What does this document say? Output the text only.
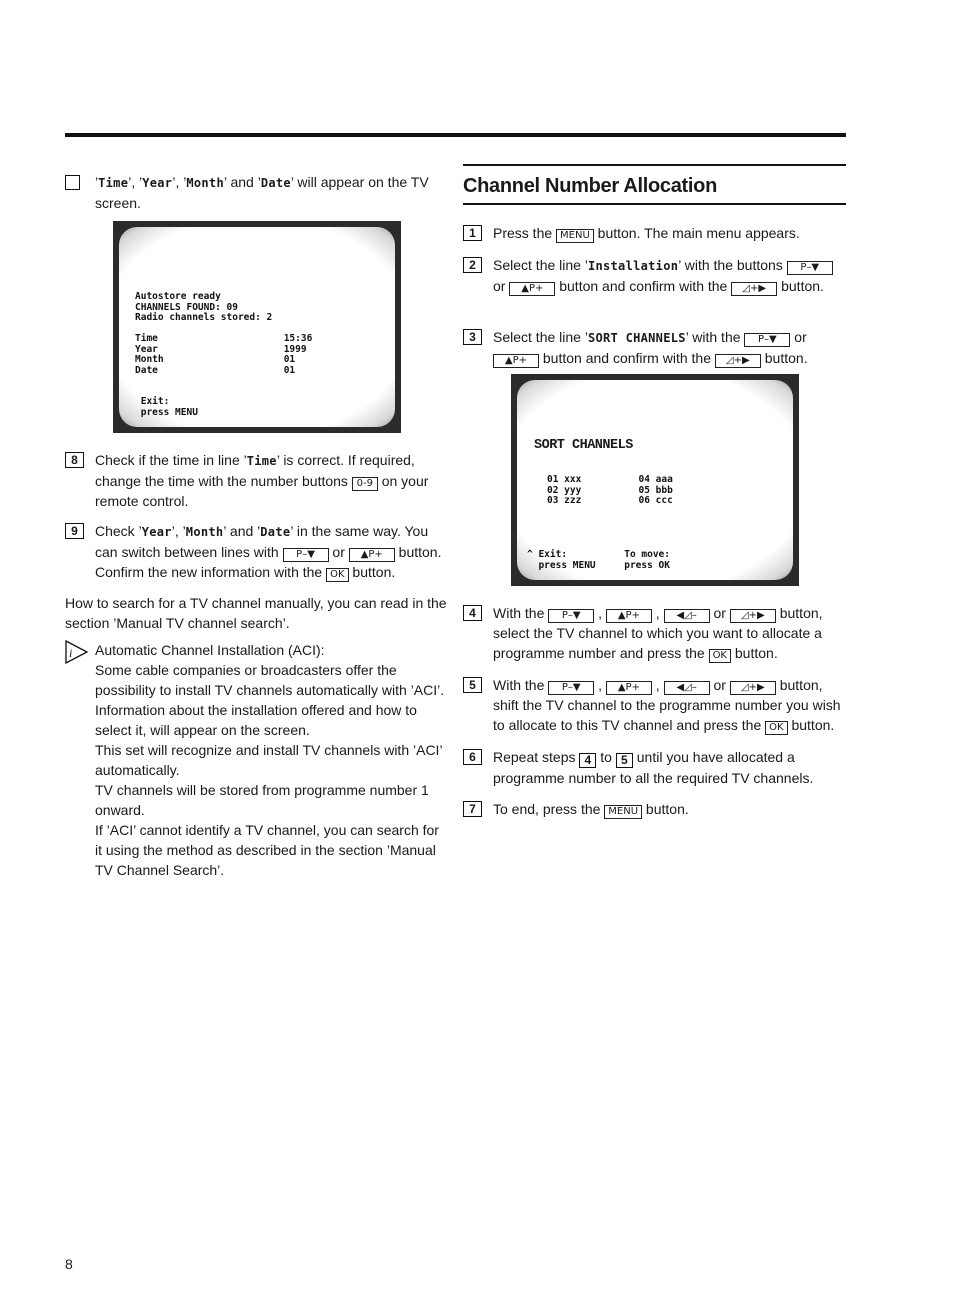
’Time’, ’Year’, ’Month’ and ’Date’ will appear on the TV screen.
Autostore ready
CHANNELS FOUND: 09
Radio channels stored: 2

Time                      15:36
Year                      1999
Month                     01
Date                      01

Exit:
press MENU
8	Check if the time in line ’Time’ is correct. If required, change the time with the number buttons 0-9 on your remote control.
9	Check ’Year’, ’Month’ and ’Date’ in the same way. You can switch between lines with P–▼ or ▲P+ button. Confirm the new information with the OK button.
How to search for a TV channel manually, you can read in the section ’Manual TV channel search’.
i Automatic Channel Installation (ACI):
Some cable companies or broadcasters offer the possibility to install TV channels automatically with ’ACI’. Information about the installation offered and how to select it, will appear on the screen.
This set will recognize and install TV channels with ’ACI’ automatically.
TV channels will be stored from programme number 1 onward.
If ’ACI’ cannot identify a TV channel, you can search for it using the method as described in the section ’Manual TV Channel Search’.
Channel Number Allocation
1	Press the MENU button. The main menu appears.
2	Select the line ’Installation’ with the buttons P–▼ or ▲P+ button and confirm with the ◿+▶ button.
3	Select the line ’SORT CHANNELS’ with the P–▼ or ▲P+ button and confirm with the ◿+▶ button.
SORT CHANNELS
01 xxx          04 aaa
02 yyy          05 bbb
03 zzz          06 ccc
^ Exit:          To move:
press MENU     press OK
4	With the P–▼ , ▲P+ , ◀◿– or ◿+▶ button, select the TV channel to which you want to allocate a programme number and press the OK button.
5	With the P–▼ , ▲P+ , ◀◿– or ◿+▶ button, shift the TV channel to the programme number you wish to allocate to this TV channel and press the OK button.
6	Repeat steps 4 to 5 until you have allocated a programme number to all the required TV channels.
7	To end, press the MENU button.
8
